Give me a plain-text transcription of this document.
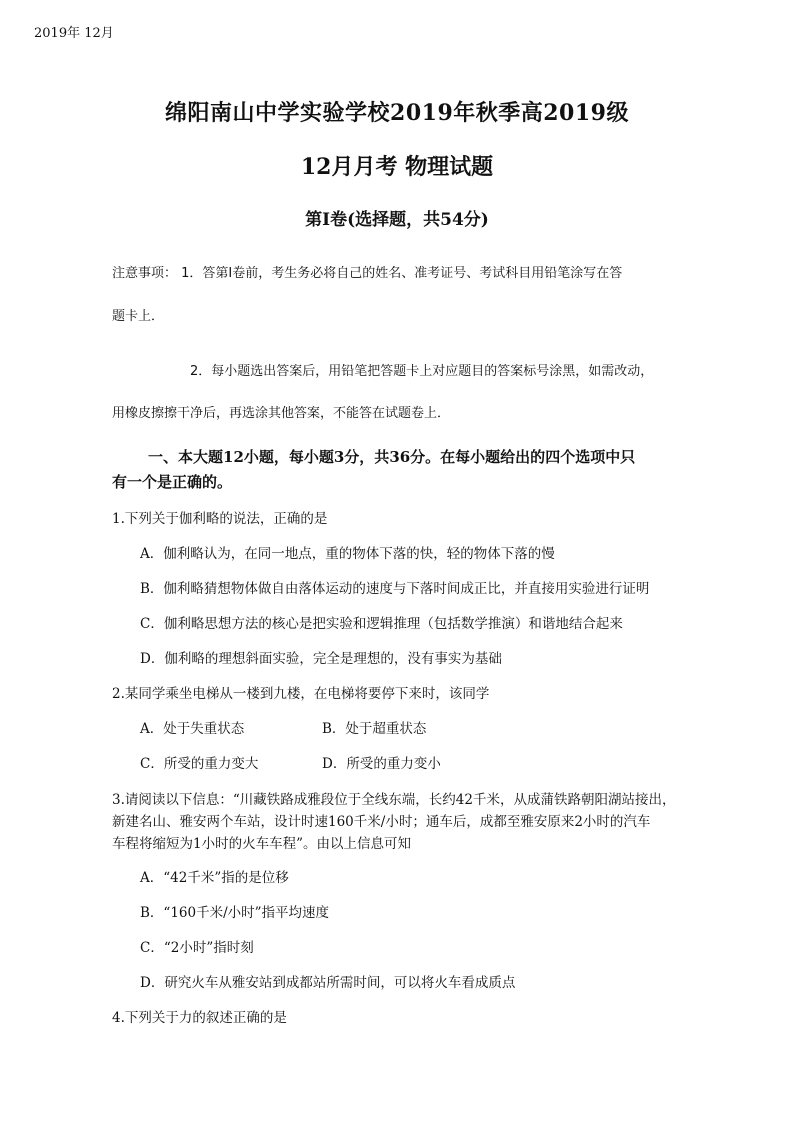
2019年 12月
绵阳南山中学实验学校2019年秋季高2019级
12月月考 物理试题
第Ⅰ卷(选择题，共54分)
注意事项： 1．答第Ⅰ卷前，考生务必将自己的姓名、准考证号、考试科目用铅笔涂写在答
题卡上．
2．每小题选出答案后，用铅笔把答题卡上对应题目的答案标号涂黑，如需改动，
用橡皮擦擦干净后，再选涂其他答案，不能答在试题卷上．
一、本大题12小题，每小题3分，共36分。在每小题给出的四个选项中只
有一个是正确的。
1.下列关于伽利略的说法，正确的是
A．伽利略认为，在同一地点，重的物体下落的快，轻的物体下落的慢
B．伽利略猜想物体做自由落体运动的速度与下落时间成正比，并直接用实验进行证明
C．伽利略思想方法的核心是把实验和逻辑推理（包括数学推演）和谐地结合起来
D．伽利略的理想斜面实验，完全是理想的，没有事实为基础
2.某同学乘坐电梯从一楼到九楼，在电梯将要停下来时，该同学
A．处于失重状态	B．处于超重状态
C．所受的重力变大	D．所受的重力变小
3.请阅读以下信息：“川藏铁路成雅段位于全线东端，长约42千米，从成蒲铁路朝阳湖站接出，
新建名山、雅安两个车站，设计时速160千米/小时；通车后，成都至雅安原来2小时的汽车
车程将缩短为1小时的火车车程”。由以上信息可知
A．“42千米”指的是位移
B．“160千米/小时”指平均速度
C．“2小时”指时刻
D．研究火车从雅安站到成都站所需时间，可以将火车看成质点
4.下列关于力的叙述正确的是
